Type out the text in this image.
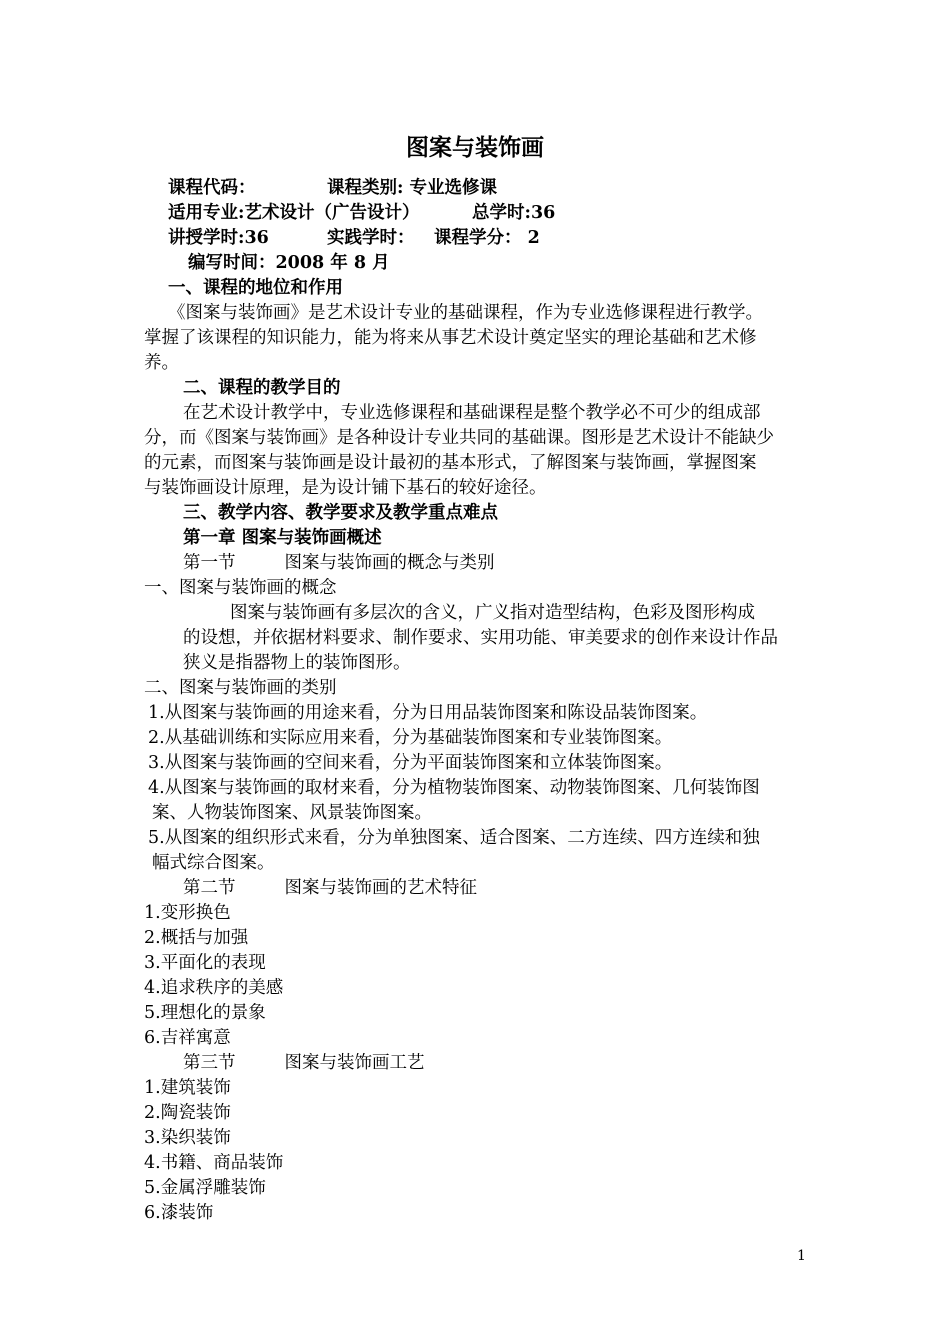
图案与装饰画
课程代码：	课程类别: 专业选修课
适用专业:艺术设计（广告设计）	总学时:36
讲授学时:36	实践学时： 课程学分： 2
编写时间：2008 年 8 月
一、课程的地位和作用
《图案与装饰画》是艺术设计专业的基础课程，作为专业选修课程进行教学。
掌握了该课程的知识能力，能为将来从事艺术设计奠定坚实的理论基础和艺术修
养。
二、课程的教学目的
在艺术设计教学中，专业选修课程和基础课程是整个教学必不可少的组成部
分，而《图案与装饰画》是各种设计专业共同的基础课。图形是艺术设计不能缺少
的元素，而图案与装饰画是设计最初的基本形式，了解图案与装饰画，掌握图案
与装饰画设计原理，是为设计铺下基石的较好途径。
三、教学内容、教学要求及教学重点难点
第一章 图案与装饰画概述
第一节	图案与装饰画的概念与类别
一、图案与装饰画的概念
图案与装饰画有多层次的含义，广义指对造型结构，色彩及图形构成
的设想，并依据材料要求、制作要求、实用功能、审美要求的创作来设计作品
狭义是指器物上的装饰图形。
二、图案与装饰画的类别
1.从图案与装饰画的用途来看，分为日用品装饰图案和陈设品装饰图案。
2.从基础训练和实际应用来看，分为基础装饰图案和专业装饰图案。
3.从图案与装饰画的空间来看，分为平面装饰图案和立体装饰图案。
4.从图案与装饰画的取材来看，分为植物装饰图案、动物装饰图案、几何装饰图
案、人物装饰图案、风景装饰图案。
5.从图案的组织形式来看，分为单独图案、适合图案、二方连续、四方连续和独
幅式综合图案。
第二节	图案与装饰画的艺术特征
1.变形换色
2.概括与加强
3.平面化的表现
4.追求秩序的美感
5.理想化的景象
6.吉祥寓意
第三节	图案与装饰画工艺
1.建筑装饰
2.陶瓷装饰
3.染织装饰
4.书籍、商品装饰
5.金属浮雕装饰
6.漆装饰
1
